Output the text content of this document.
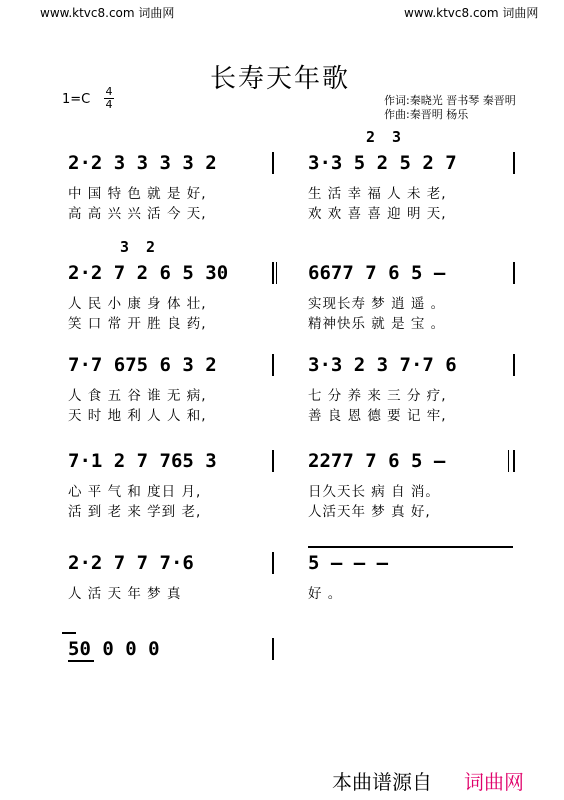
www.ktvc8.com 词曲网	www.ktvc8.com 词曲网
长寿天年歌
1=C
4
4	作词:秦晓光 晋书琴 秦晋明
作曲:秦晋明 杨乐
2 3
2·2 3 3 3 3 2	3·3 5 2 5 2 7
中 国 特 色 就 是 好,	生 活 幸 福 人 未 老,
高 高 兴 兴 活 今 天,	欢 欢 喜 喜 迎 明 天,
3 2
2·2 7 2 6 5 30	6677 7 6 5 –
人 民 小 康 身 体 壮,	实现长寿 梦 逍 遥 。
笑 口 常 开 胜 良 药,	精神快乐 就 是 宝 。
7·7 675 6 3 2	3·3 2 3 7·7 6
人 食 五 谷 谁 无 病,	七 分 养 来 三 分 疗,
天 时 地 利 人 人 和,	善 良 恩 德 要 记 牢,
7·1 2 7 765 3	2277 7 6 5 –
心 平 气 和 度日 月,	日久天长 病 自 消。
活 到 老 来 学到 老,	人活天年 梦 真 好,
2·2 7 7 7·6	5 – – –
人 活 天 年 梦 真	好 。
50 0 0 0
本曲谱源自 词曲网
